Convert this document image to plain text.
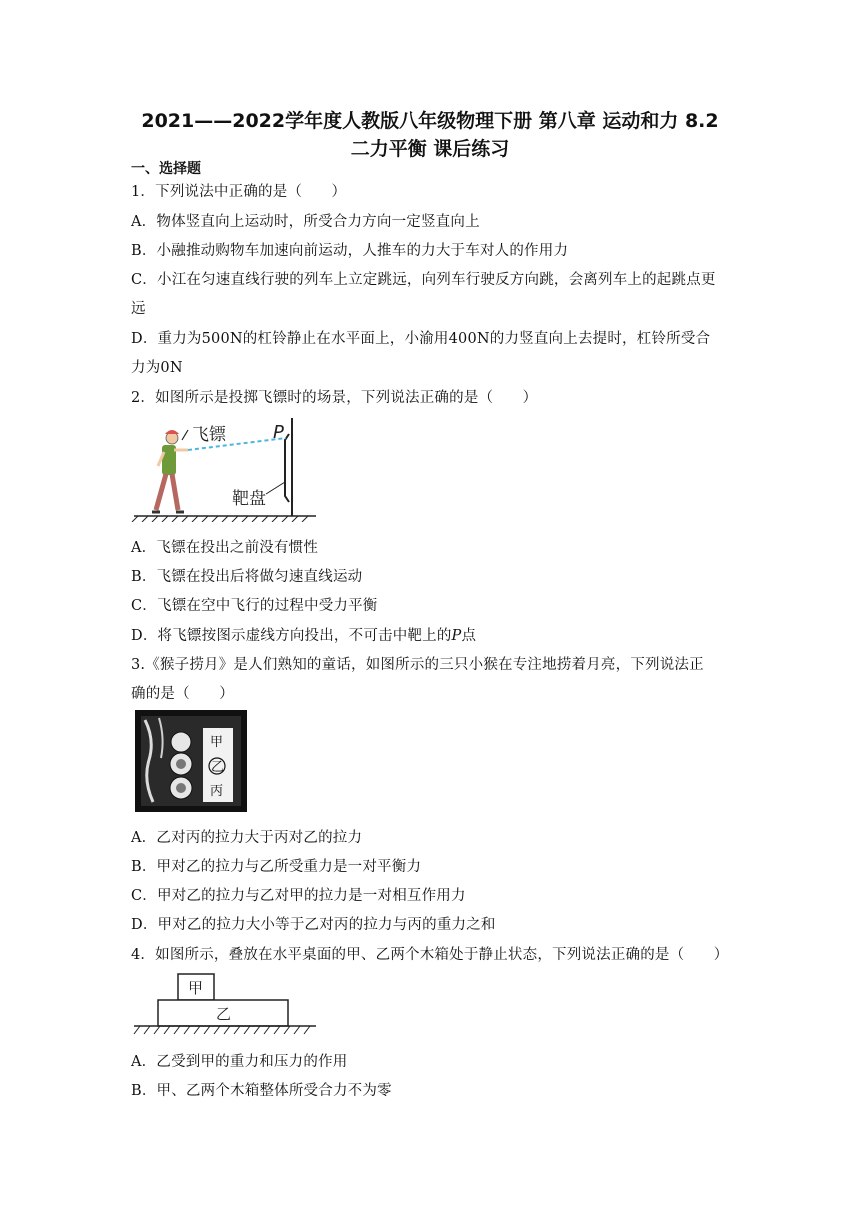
2021——2022学年度人教版八年级物理下册 第八章 运动和力 8.2
二力平衡 课后练习
一、选择题
1．下列说法中正确的是（　　）
A．物体竖直向上运动时，所受合力方向一定竖直向上
B．小融推动购物车加速向前运动，人推车的力大于车对人的作用力
C．小江在匀速直线行驶的列车上立定跳远，向列车行驶反方向跳，会离列车上的起跳点更
远
D．重力为500N的杠铃静止在水平面上，小渝用400N的力竖直向上去提时，杠铃所受合
力为0N
2．如图所示是投掷飞镖时的场景，下列说法正确的是（　　）
飞镖	P
靶盘
A．飞镖在投出之前没有惯性
B．飞镖在投出后将做匀速直线运动
C．飞镖在空中飞行的过程中受力平衡
D．将飞镖按图示虚线方向投出，不可击中靶上的P点
3.《猴子捞月》是人们熟知的童话，如图所示的三只小猴在专注地捞着月亮，下列说法正
确的是（　　）
甲
乙
丙
A．乙对丙的拉力大于丙对乙的拉力
B．甲对乙的拉力与乙所受重力是一对平衡力
C．甲对乙的拉力与乙对甲的拉力是一对相互作用力
D．甲对乙的拉力大小等于乙对丙的拉力与丙的重力之和
4．如图所示，叠放在水平桌面的甲、乙两个木箱处于静止状态，下列说法正确的是（　　）
甲
乙
A．乙受到甲的重力和压力的作用
B．甲、乙两个木箱整体所受合力不为零
